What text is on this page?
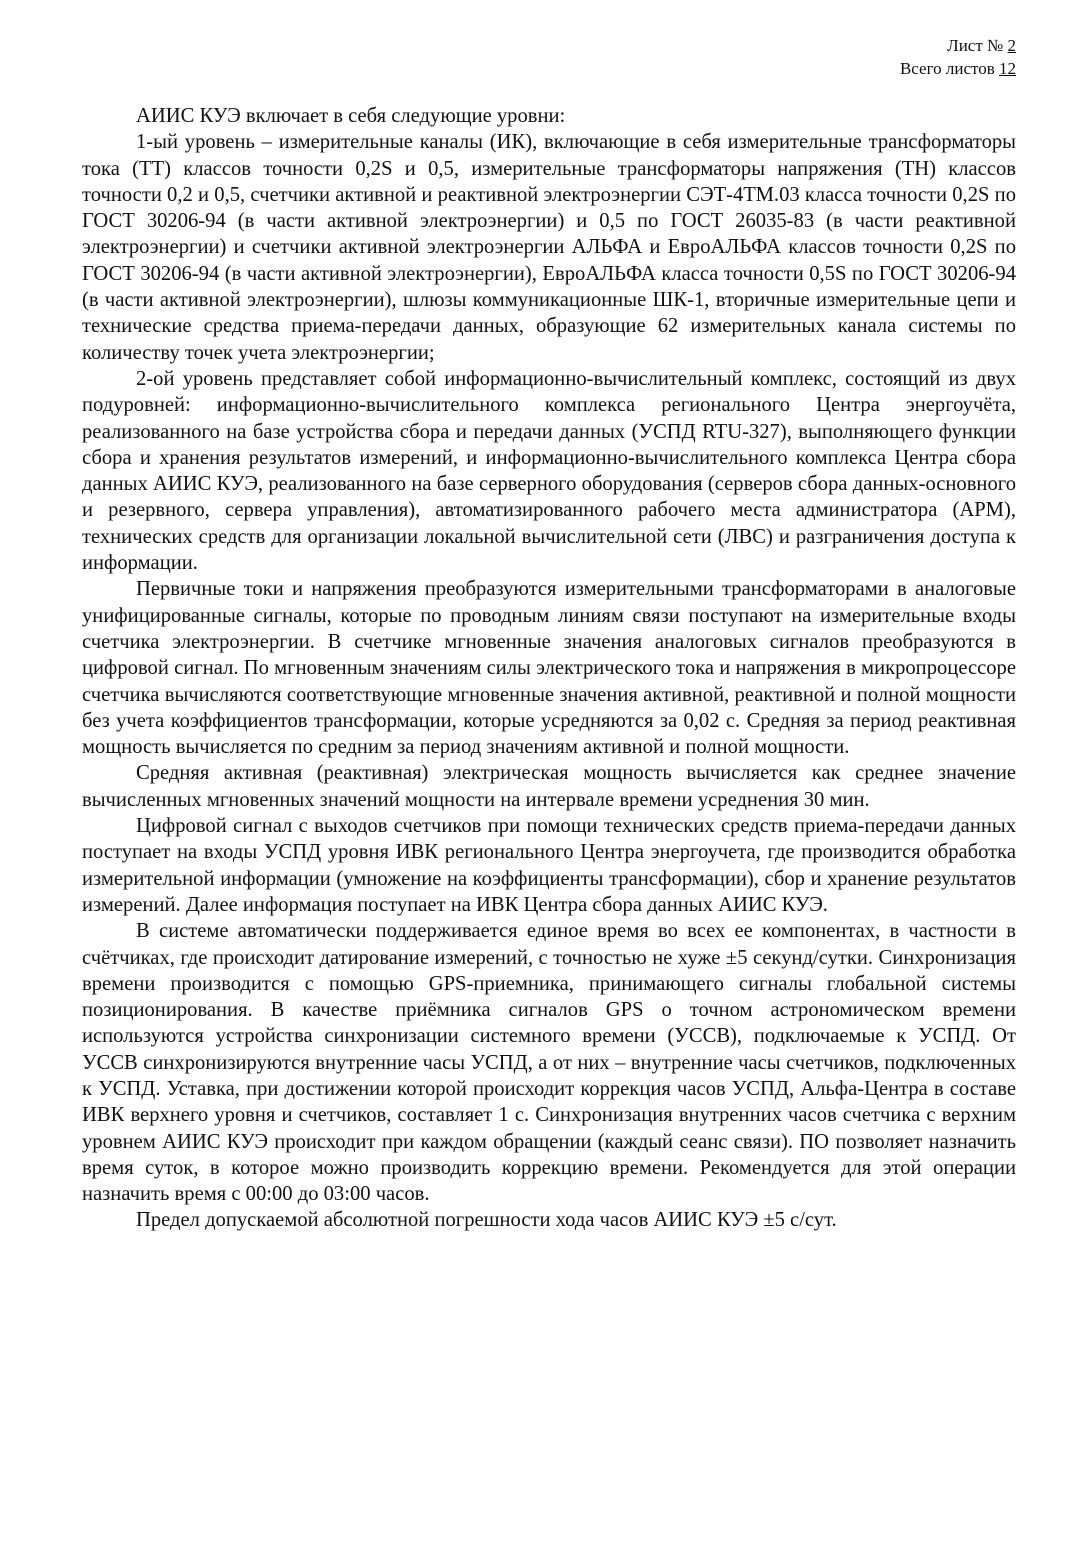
Лист № 2
Всего листов 12

АИИС КУЭ включает в себя следующие уровни:

1-ый уровень – измерительные каналы (ИК), включающие в себя измерительные трансформаторы тока (ТТ) классов точности 0,2S и 0,5, измерительные трансформаторы напряжения (ТН) классов точности 0,2 и 0,5, счетчики активной и реактивной электроэнергии СЭТ-4ТМ.03 класса точности 0,2S по ГОСТ 30206-94 (в части активной электроэнергии) и 0,5 по ГОСТ 26035-83 (в части реактивной электроэнергии) и счетчики активной электроэнергии АЛЬФА и ЕвроАЛЬФА классов точности 0,2S по ГОСТ 30206-94 (в части активной электроэнергии), ЕвроАЛЬФА класса точности 0,5S по ГОСТ 30206-94 (в части активной электроэнергии), шлюзы коммуникационные ШК-1, вторичные измерительные цепи и технические средства приема-передачи данных, образующие 62 измерительных канала системы по количеству точек учета электроэнергии;

2-ой уровень представляет собой информационно-вычислительный комплекс, состоящий из двух подуровней: информационно-вычислительного комплекса регионального Центра энергоучёта, реализованного на базе устройства сбора и передачи данных (УСПД RTU-327), выполняющего функции сбора и хранения результатов измерений, и информационно-вычислительного комплекса Центра сбора данных АИИС КУЭ, реализованного на базе серверного оборудования (серверов сбора данных-основного и резервного, сервера управления), автоматизированного рабочего места администратора (АРМ), технических средств для организации локальной вычислительной сети (ЛВС) и разграничения доступа к информации.

Первичные токи и напряжения преобразуются измерительными трансформаторами в аналоговые унифицированные сигналы, которые по проводным линиям связи поступают на измерительные входы счетчика электроэнергии. В счетчике мгновенные значения аналоговых сигналов преобразуются в цифровой сигнал. По мгновенным значениям силы электрического тока и напряжения в микропроцессоре счетчика вычисляются соответствующие мгновенные значения активной, реактивной и полной мощности без учета коэффициентов трансформации, которые усредняются за 0,02 с. Средняя за период реактивная мощность вычисляется по средним за период значениям активной и полной мощности.

Средняя активная (реактивная) электрическая мощность вычисляется как среднее значение вычисленных мгновенных значений мощности на интервале времени усреднения 30 мин.

Цифровой сигнал с выходов счетчиков при помощи технических средств приема-передачи данных поступает на входы УСПД уровня ИВК регионального Центра энергоучета, где производится обработка измерительной информации (умножение на коэффициенты трансформации), сбор и хранение результатов измерений. Далее информация поступает на ИВК Центра сбора данных АИИС КУЭ.

В системе автоматически поддерживается единое время во всех ее компонентах, в частности в счётчиках, где происходит датирование измерений, с точностью не хуже ±5 секунд/сутки. Синхронизация времени производится с помощью GPS-приемника, принимающего сигналы глобальной системы позиционирования. В качестве приёмника сигналов GPS о точном астрономическом времени используются устройства синхронизации системного времени (УССВ), подключаемые к УСПД. От УССВ синхронизируются внутренние часы УСПД, а от них – внутренние часы счетчиков, подключенных к УСПД. Уставка, при достижении которой происходит коррекция часов УСПД, Альфа-Центра в составе ИВК верхнего уровня и счетчиков, составляет 1 с. Синхронизация внутренних часов счетчика с верхним уровнем АИИС КУЭ происходит при каждом обращении (каждый сеанс связи). ПО позволяет назначить время суток, в которое можно производить коррекцию времени. Рекомендуется для этой операции назначить время с 00:00 до 03:00 часов.

Предел допускаемой абсолютной погрешности хода часов АИИС КУЭ ±5 с/сут.
